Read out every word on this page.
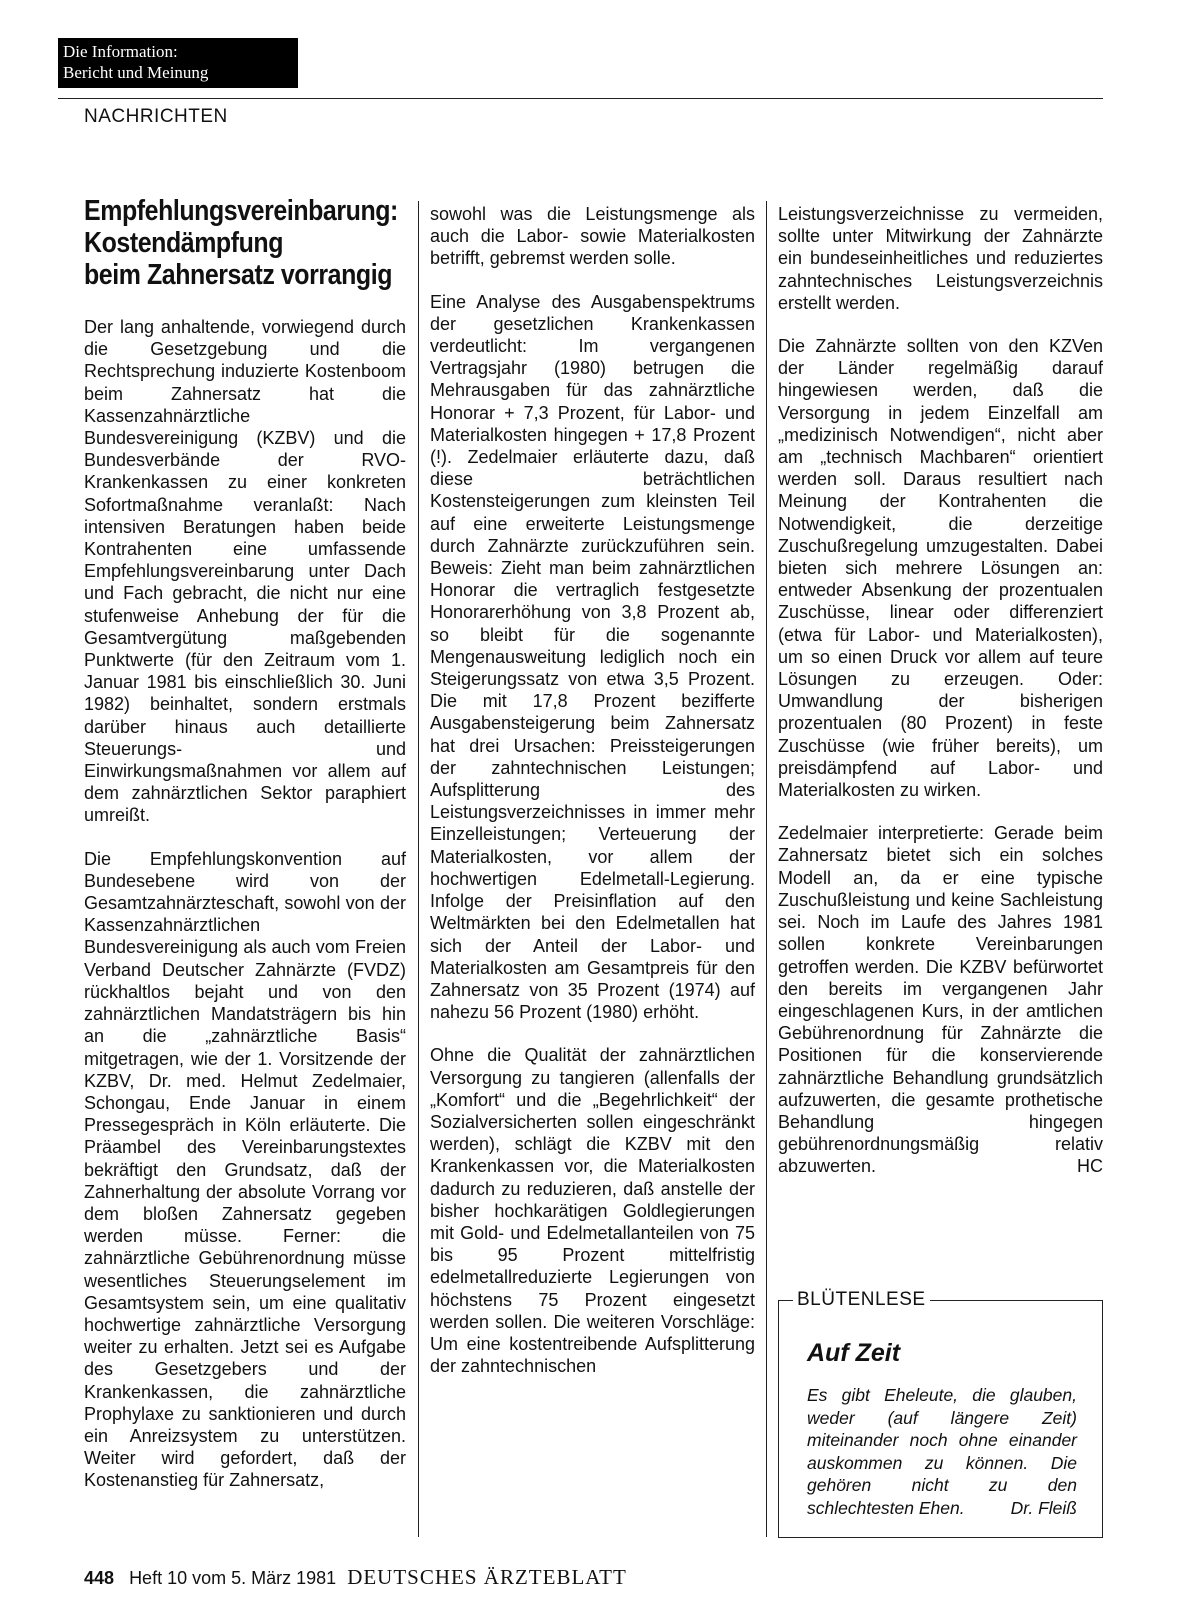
Die Information:
Bericht und Meinung
NACHRICHTEN
Empfehlungsvereinbarung:
Kostendämpfung
beim Zahnersatz vorrangig

Der lang anhaltende, vorwiegend durch die Gesetzgebung und die Rechtsprechung induzierte Kostenboom beim Zahnersatz hat die Kassenzahnärztliche Bundesvereinigung (KZBV) und die Bundesverbände der RVO-Krankenkassen zu einer konkreten Sofortmaßnahme veranlaßt: Nach intensiven Beratungen haben beide Kontrahenten eine umfassende Empfehlungsvereinbarung unter Dach und Fach gebracht, die nicht nur eine stufenweise Anhebung der für die Gesamtvergütung maßgebenden Punktwerte (für den Zeitraum vom 1. Januar 1981 bis einschließlich 30. Juni 1982) beinhaltet, sondern erstmals darüber hinaus auch detaillierte Steuerungs- und Einwirkungsmaßnahmen vor allem auf dem zahnärztlichen Sektor paraphiert umreißt.

Die Empfehlungskonvention auf Bundesebene wird von der Gesamtzahnärzteschaft, sowohl von der Kassenzahnärztlichen Bundesvereinigung als auch vom Freien Verband Deutscher Zahnärzte (FVDZ) rückhaltlos bejaht und von den zahnärztlichen Mandatsträgern bis hin an die „zahnärztliche Basis“ mitgetragen, wie der 1. Vorsitzende der KZBV, Dr. med. Helmut Zedelmaier, Schongau, Ende Januar in einem Pressegespräch in Köln erläuterte. Die Präambel des Vereinbarungstextes bekräftigt den Grundsatz, daß der Zahnerhaltung der absolute Vorrang vor dem bloßen Zahnersatz gegeben werden müsse. Ferner: die zahnärztliche Gebührenordnung müsse wesentliches Steuerungselement im Gesamtsystem sein, um eine qualitativ hochwertige zahnärztliche Versorgung weiter zu erhalten. Jetzt sei es Aufgabe des Gesetzgebers und der Krankenkassen, die zahnärztliche Prophylaxe zu sanktionieren und durch ein Anreizsystem zu unterstützen. Weiter wird gefordert, daß der Kostenanstieg für Zahnersatz,

sowohl was die Leistungsmenge als auch die Labor- sowie Materialkosten betrifft, gebremst werden solle.

Eine Analyse des Ausgabenspektrums der gesetzlichen Krankenkassen verdeutlicht: Im vergangenen Vertragsjahr (1980) betrugen die Mehrausgaben für das zahnärztliche Honorar + 7,3 Prozent, für Labor- und Materialkosten hingegen + 17,8 Prozent (!). Zedelmaier erläuterte dazu, daß diese beträchtlichen Kostensteigerungen zum kleinsten Teil auf eine erweiterte Leistungsmenge durch Zahnärzte zurückzuführen sein. Beweis: Zieht man beim zahnärztlichen Honorar die vertraglich festgesetzte Honorarerhöhung von 3,8 Prozent ab, so bleibt für die sogenannte Mengenausweitung lediglich noch ein Steigerungssatz von etwa 3,5 Prozent. Die mit 17,8 Prozent bezifferte Ausgabensteigerung beim Zahnersatz hat drei Ursachen: Preissteigerungen der zahntechnischen Leistungen; Aufsplitterung des Leistungsverzeichnisses in immer mehr Einzelleistungen; Verteuerung der Materialkosten, vor allem der hochwertigen Edelmetall-Legierung. Infolge der Preisinflation auf den Weltmärkten bei den Edelmetallen hat sich der Anteil der Labor- und Materialkosten am Gesamtpreis für den Zahnersatz von 35 Prozent (1974) auf nahezu 56 Prozent (1980) erhöht.

Ohne die Qualität der zahnärztlichen Versorgung zu tangieren (allenfalls der „Komfort“ und die „Begehrlichkeit“ der Sozialversicherten sollen eingeschränkt werden), schlägt die KZBV mit den Krankenkassen vor, die Materialkosten dadurch zu reduzieren, daß anstelle der bisher hochkarätigen Goldlegierungen mit Gold- und Edelmetallanteilen von 75 bis 95 Prozent mittelfristig edelmetallreduzierte Legierungen von höchstens 75 Prozent eingesetzt werden sollen. Die weiteren Vorschläge: Um eine kostentreibende Aufsplitterung der zahntechnischen

Leistungsverzeichnisse zu vermeiden, sollte unter Mitwirkung der Zahnärzte ein bundeseinheitliches und reduziertes zahntechnisches Leistungsverzeichnis erstellt werden.

Die Zahnärzte sollten von den KZVen der Länder regelmäßig darauf hingewiesen werden, daß die Versorgung in jedem Einzelfall am „medizinisch Notwendigen“, nicht aber am „technisch Machbaren“ orientiert werden soll. Daraus resultiert nach Meinung der Kontrahenten die Notwendigkeit, die derzeitige Zuschußregelung umzugestalten. Dabei bieten sich mehrere Lösungen an: entweder Absenkung der prozentualen Zuschüsse, linear oder differenziert (etwa für Labor- und Materialkosten), um so einen Druck vor allem auf teure Lösungen zu erzeugen. Oder: Umwandlung der bisherigen prozentualen (80 Prozent) in feste Zuschüsse (wie früher bereits), um preisdämpfend auf Labor- und Materialkosten zu wirken.

Zedelmaier interpretierte: Gerade beim Zahnersatz bietet sich ein solches Modell an, da er eine typische Zuschußleistung und keine Sachleistung sei. Noch im Laufe des Jahres 1981 sollen konkrete Vereinbarungen getroffen werden. Die KZBV befürwortet den bereits im vergangenen Jahr eingeschlagenen Kurs, in der amtlichen Gebührenordnung für Zahnärzte die Positionen für die konservierende zahnärztliche Behandlung grundsätzlich aufzuwerten, die gesamte prothetische Behandlung hingegen gebührenordnungsmäßig relativ abzuwerten.	HC

BLÜTENLESE
Auf Zeit
Es gibt Eheleute, die glauben, weder (auf längere Zeit) miteinander noch ohne einander auskommen zu können. Die gehören nicht zu den schlechtesten Ehen.	Dr. Fleiß
448 Heft 10 vom 5. März 1981 DEUTSCHES ÄRZTEBLATT
